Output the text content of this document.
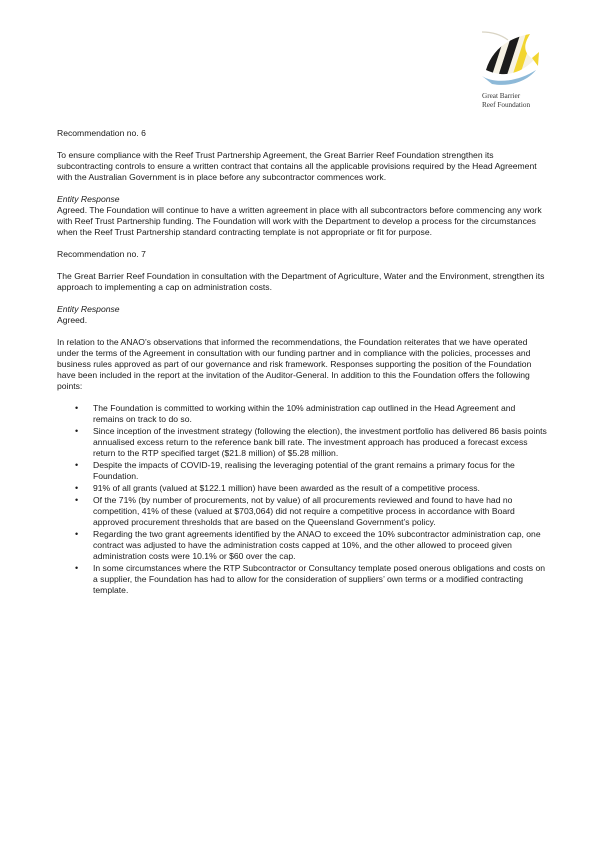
Great Barrier
Reef Foundation

Recommendation no. 6

To ensure compliance with the Reef Trust Partnership Agreement, the Great Barrier Reef Foundation strengthen its subcontracting controls to ensure a written contract that contains all the applicable provisions required by the Head Agreement with the Australian Government is in place before any subcontractor commences work.

Entity Response

Agreed. The Foundation will continue to have a written agreement in place with all subcontractors before commencing any work with Reef Trust Partnership funding. The Foundation will work with the Department to develop a process for the circumstances when the Reef Trust Partnership standard contracting template is not appropriate or fit for purpose.

Recommendation no. 7

The Great Barrier Reef Foundation in consultation with the Department of Agriculture, Water and the Environment, strengthen its approach to implementing a cap on administration costs.

Entity Response

Agreed.

In relation to the ANAO’s observations that informed the recommendations, the Foundation reiterates that we have operated under the terms of the Agreement in consultation with our funding partner and in compliance with the policies, processes and business rules approved as part of our governance and risk framework. Responses supporting the position of the Foundation have been included in the report at the invitation of the Auditor-General. In addition to this the Foundation offers the following points:

• The Foundation is committed to working within the 10% administration cap outlined in the Head Agreement and remains on track to do so.
• Since inception of the investment strategy (following the election), the investment portfolio has delivered 86 basis points annualised excess return to the reference bank bill rate. The investment approach has produced a forecast excess return to the RTP specified target ($21.8 million) of $5.28 million.
• Despite the impacts of COVID-19, realising the leveraging potential of the grant remains a primary focus for the Foundation.
• 91% of all grants (valued at $122.1 million) have been awarded as the result of a competitive process.
• Of the 71% (by number of procurements, not by value) of all procurements reviewed and found to have had no competition, 41% of these (valued at $703,064) did not require a competitive process in accordance with Board approved procurement thresholds that are based on the Queensland Government’s policy.
• Regarding the two grant agreements identified by the ANAO to exceed the 10% subcontractor administration cap, one contract was adjusted to have the administration costs capped at 10%, and the other allowed to proceed given administration costs were 10.1% or $60 over the cap.
• In some circumstances where the RTP Subcontractor or Consultancy template posed onerous obligations and costs on a supplier, the Foundation has had to allow for the consideration of suppliers’ own terms or a modified contracting template.
